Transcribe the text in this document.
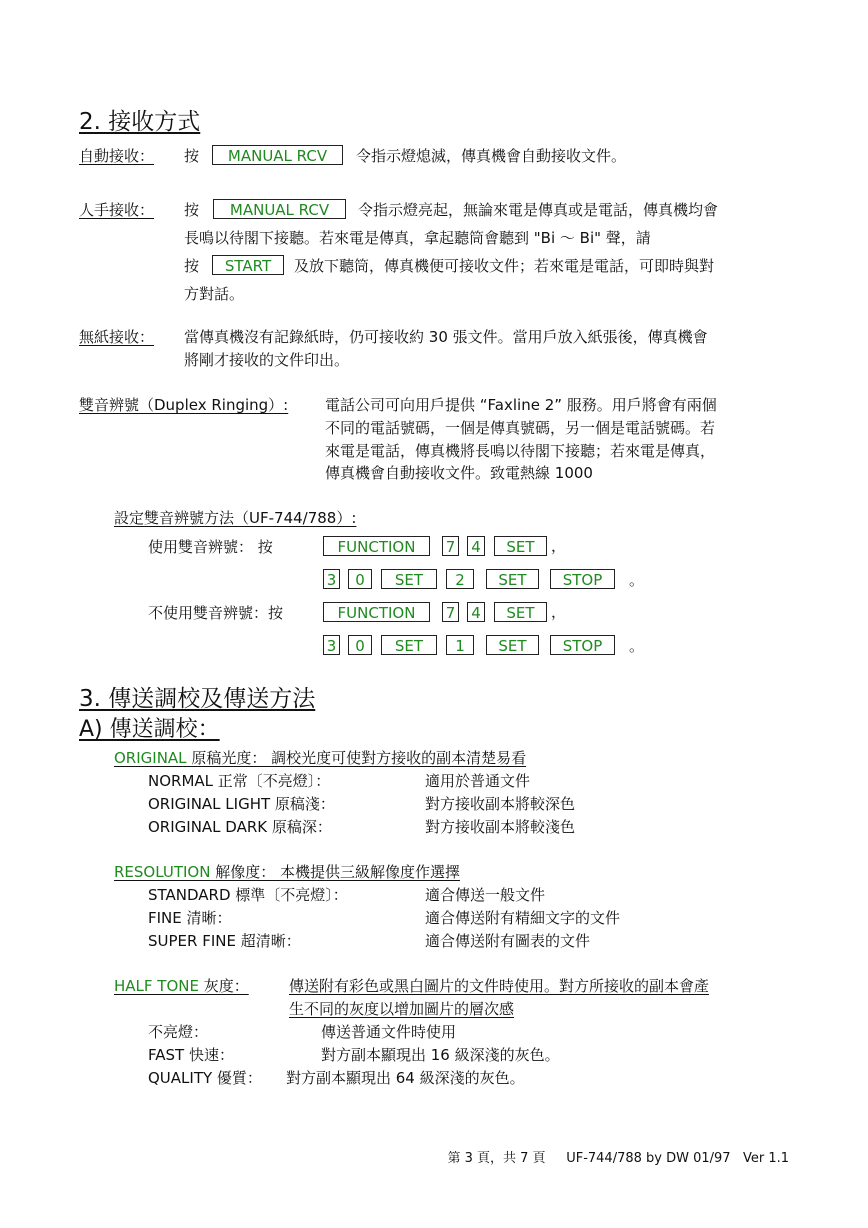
2. 接收方式
自動接收： 按	MANUAL RCV	令指示燈熄滅，傳真機會自動接收文件。
人手接收： 按	MANUAL RCV	令指示燈亮起，無論來電是傳真或是電話，傳真機均會
長鳴以待閣下接聽。若來電是傳真，拿起聽筒會聽到 "Bi ～ Bi" 聲，請
按	START	及放下聽筒，傳真機便可接收文件；若來電是電話，可即時與對
方對話。
無紙接收： 當傳真機沒有記錄紙時，仍可接收約 30 張文件。當用戶放入紙張後，傳真機會
將剛才接收的文件印出。
雙音辨號（Duplex Ringing）: 電話公司可向用戶提供 “Faxline 2” 服務。用戶將會有兩個
不同的電話號碼，一個是傳真號碼，另一個是電話號碼。若
來電是電話，傳真機將長鳴以待閣下接聽；若來電是傳真，
傳真機會自動接收文件。致電熱線 1000
設定雙音辨號方法（UF-744/788）:
使用雙音辨號： 按	FUNCTION	7 4	SET	，
3	0	SET	2	SET	STOP	。
不使用雙音辨號：按	FUNCTION	7 4	SET	，
3	0	SET	1	SET	STOP	。
3. 傳送調校及傳送方法
A) 傳送調校：
ORIGINAL 原稿光度： 調校光度可使對方接收的副本清楚易看
NORMAL 正常〔不亮燈〕：	適用於普通文件
ORIGINAL LIGHT 原稿淺：	對方接收副本將較深色
ORIGINAL DARK 原稿深：	對方接收副本將較淺色
RESOLUTION 解像度： 本機提供三級解像度作選擇
STANDARD 標準〔不亮燈〕：	適合傳送一般文件
FINE 清晰：	適合傳送附有精細文字的文件
SUPER FINE 超清晰：	適合傳送附有圖表的文件
HALF TONE 灰度：	傳送附有彩色或黑白圖片的文件時使用。對方所接收的副本會產
生不同的灰度以增加圖片的層次感
不亮燈：	傳送普通文件時使用
FAST 快速：	對方副本顯現出 16 級深淺的灰色。
QUALITY 優質： 對方副本顯現出 64 級深淺的灰色。
第 3 頁，共 7 頁     UF-744/788 by DW 01/97   Ver 1.1
